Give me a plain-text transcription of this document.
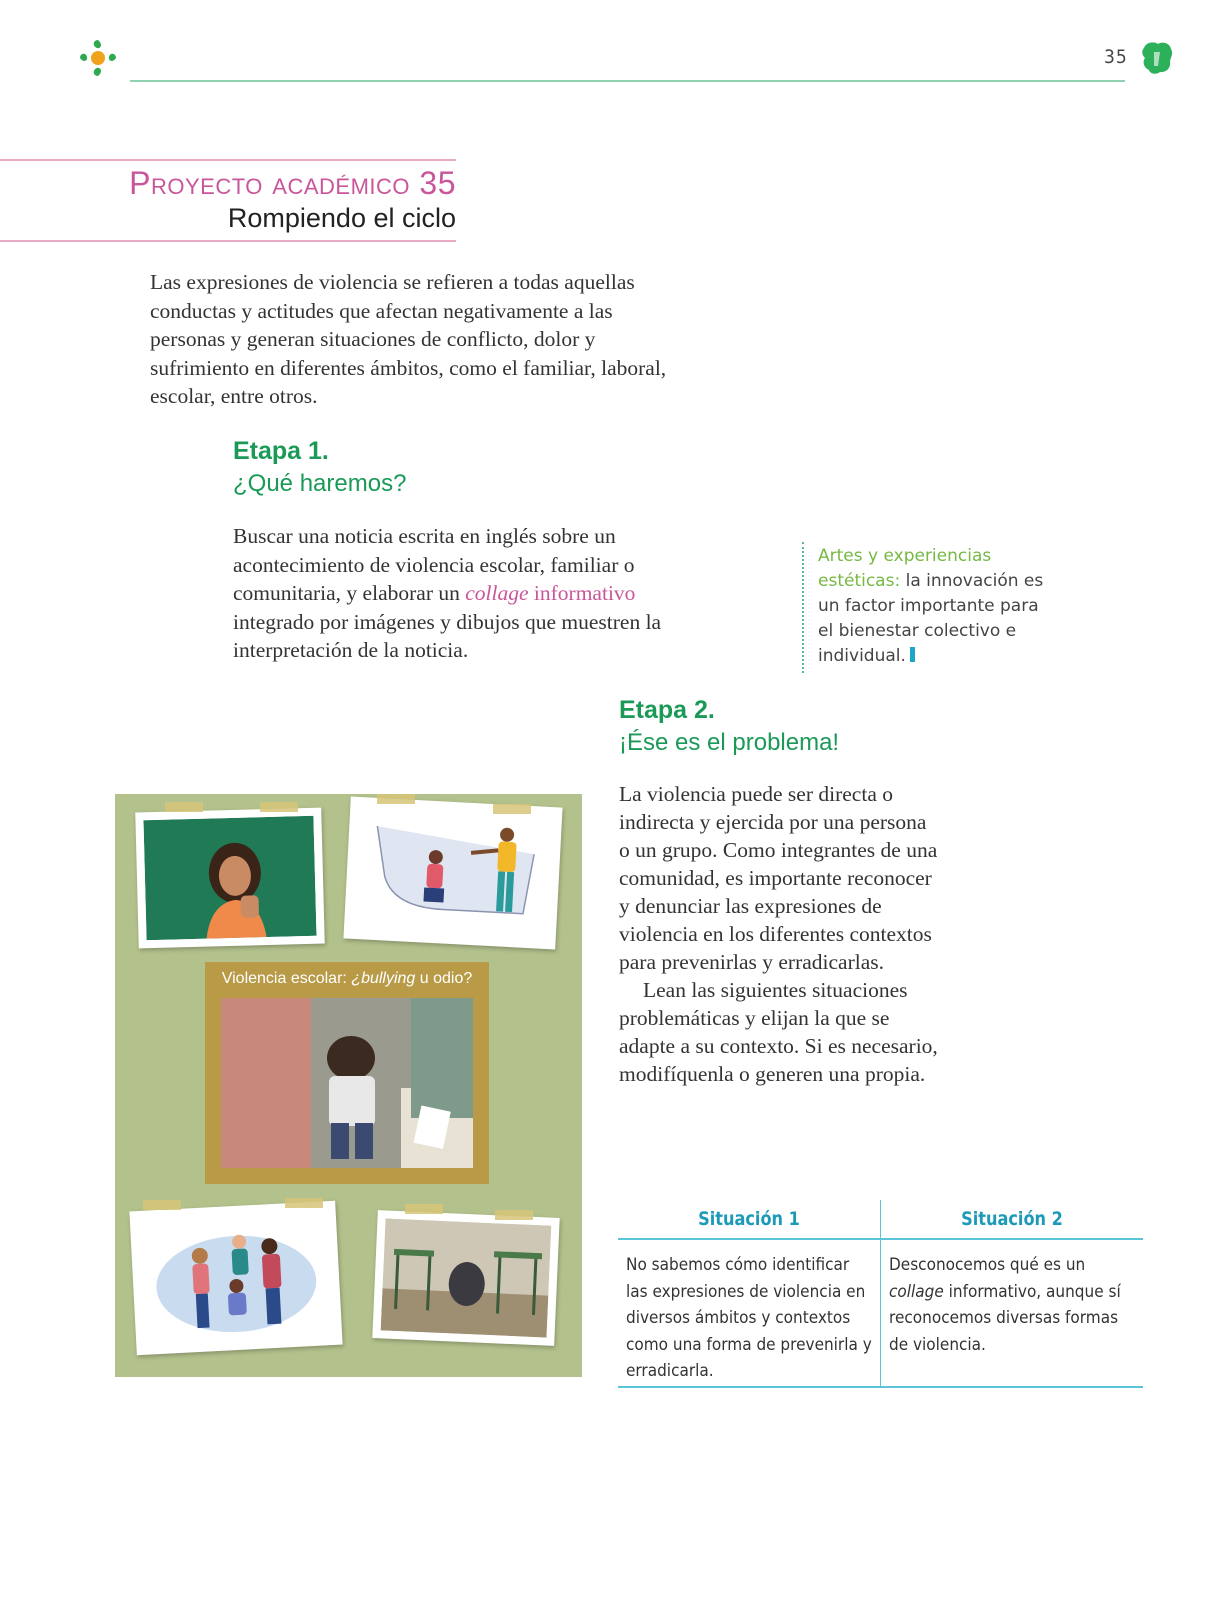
35
Proyecto académico 35
Rompiendo el ciclo
Las expresiones de violencia se refieren a todas aquellas conductas y actitudes que afectan negativamente a las personas y generan situaciones de conflicto, dolor y sufrimiento en diferentes ámbitos, como el familiar, laboral, escolar, entre otros.
Etapa 1.
¿Qué haremos?
Buscar una noticia escrita en inglés sobre un acontecimiento de violencia escolar, familiar o comunitaria, y elaborar un collage informativo integrado por imágenes y dibujos que muestren la interpretación de la noticia.
Artes y experiencias estéticas: la innovación es un factor importante para el bienestar colectivo e individual.
Etapa 2.
¡Ése es el problema!
La violencia puede ser directa o indirecta y ejercida por una persona o un grupo. Como integrantes de una comunidad, es importante reconocer y denunciar las expresiones de violencia en los diferentes contextos para prevenirlas y erradicarlas.
Lean las siguientes situaciones problemáticas y elijan la que se adapte a su contexto. Si es necesario, modifíquenla o generen una propia.
Violencia escolar: ¿bullying u odio?
Situación 1
No sabemos cómo identificar las expresiones de violencia en diversos ámbitos y contextos como una forma de prevenirla y erradicarla.
Situación 2
Desconocemos qué es un collage informativo, aunque sí reconocemos diversas formas de violencia.
